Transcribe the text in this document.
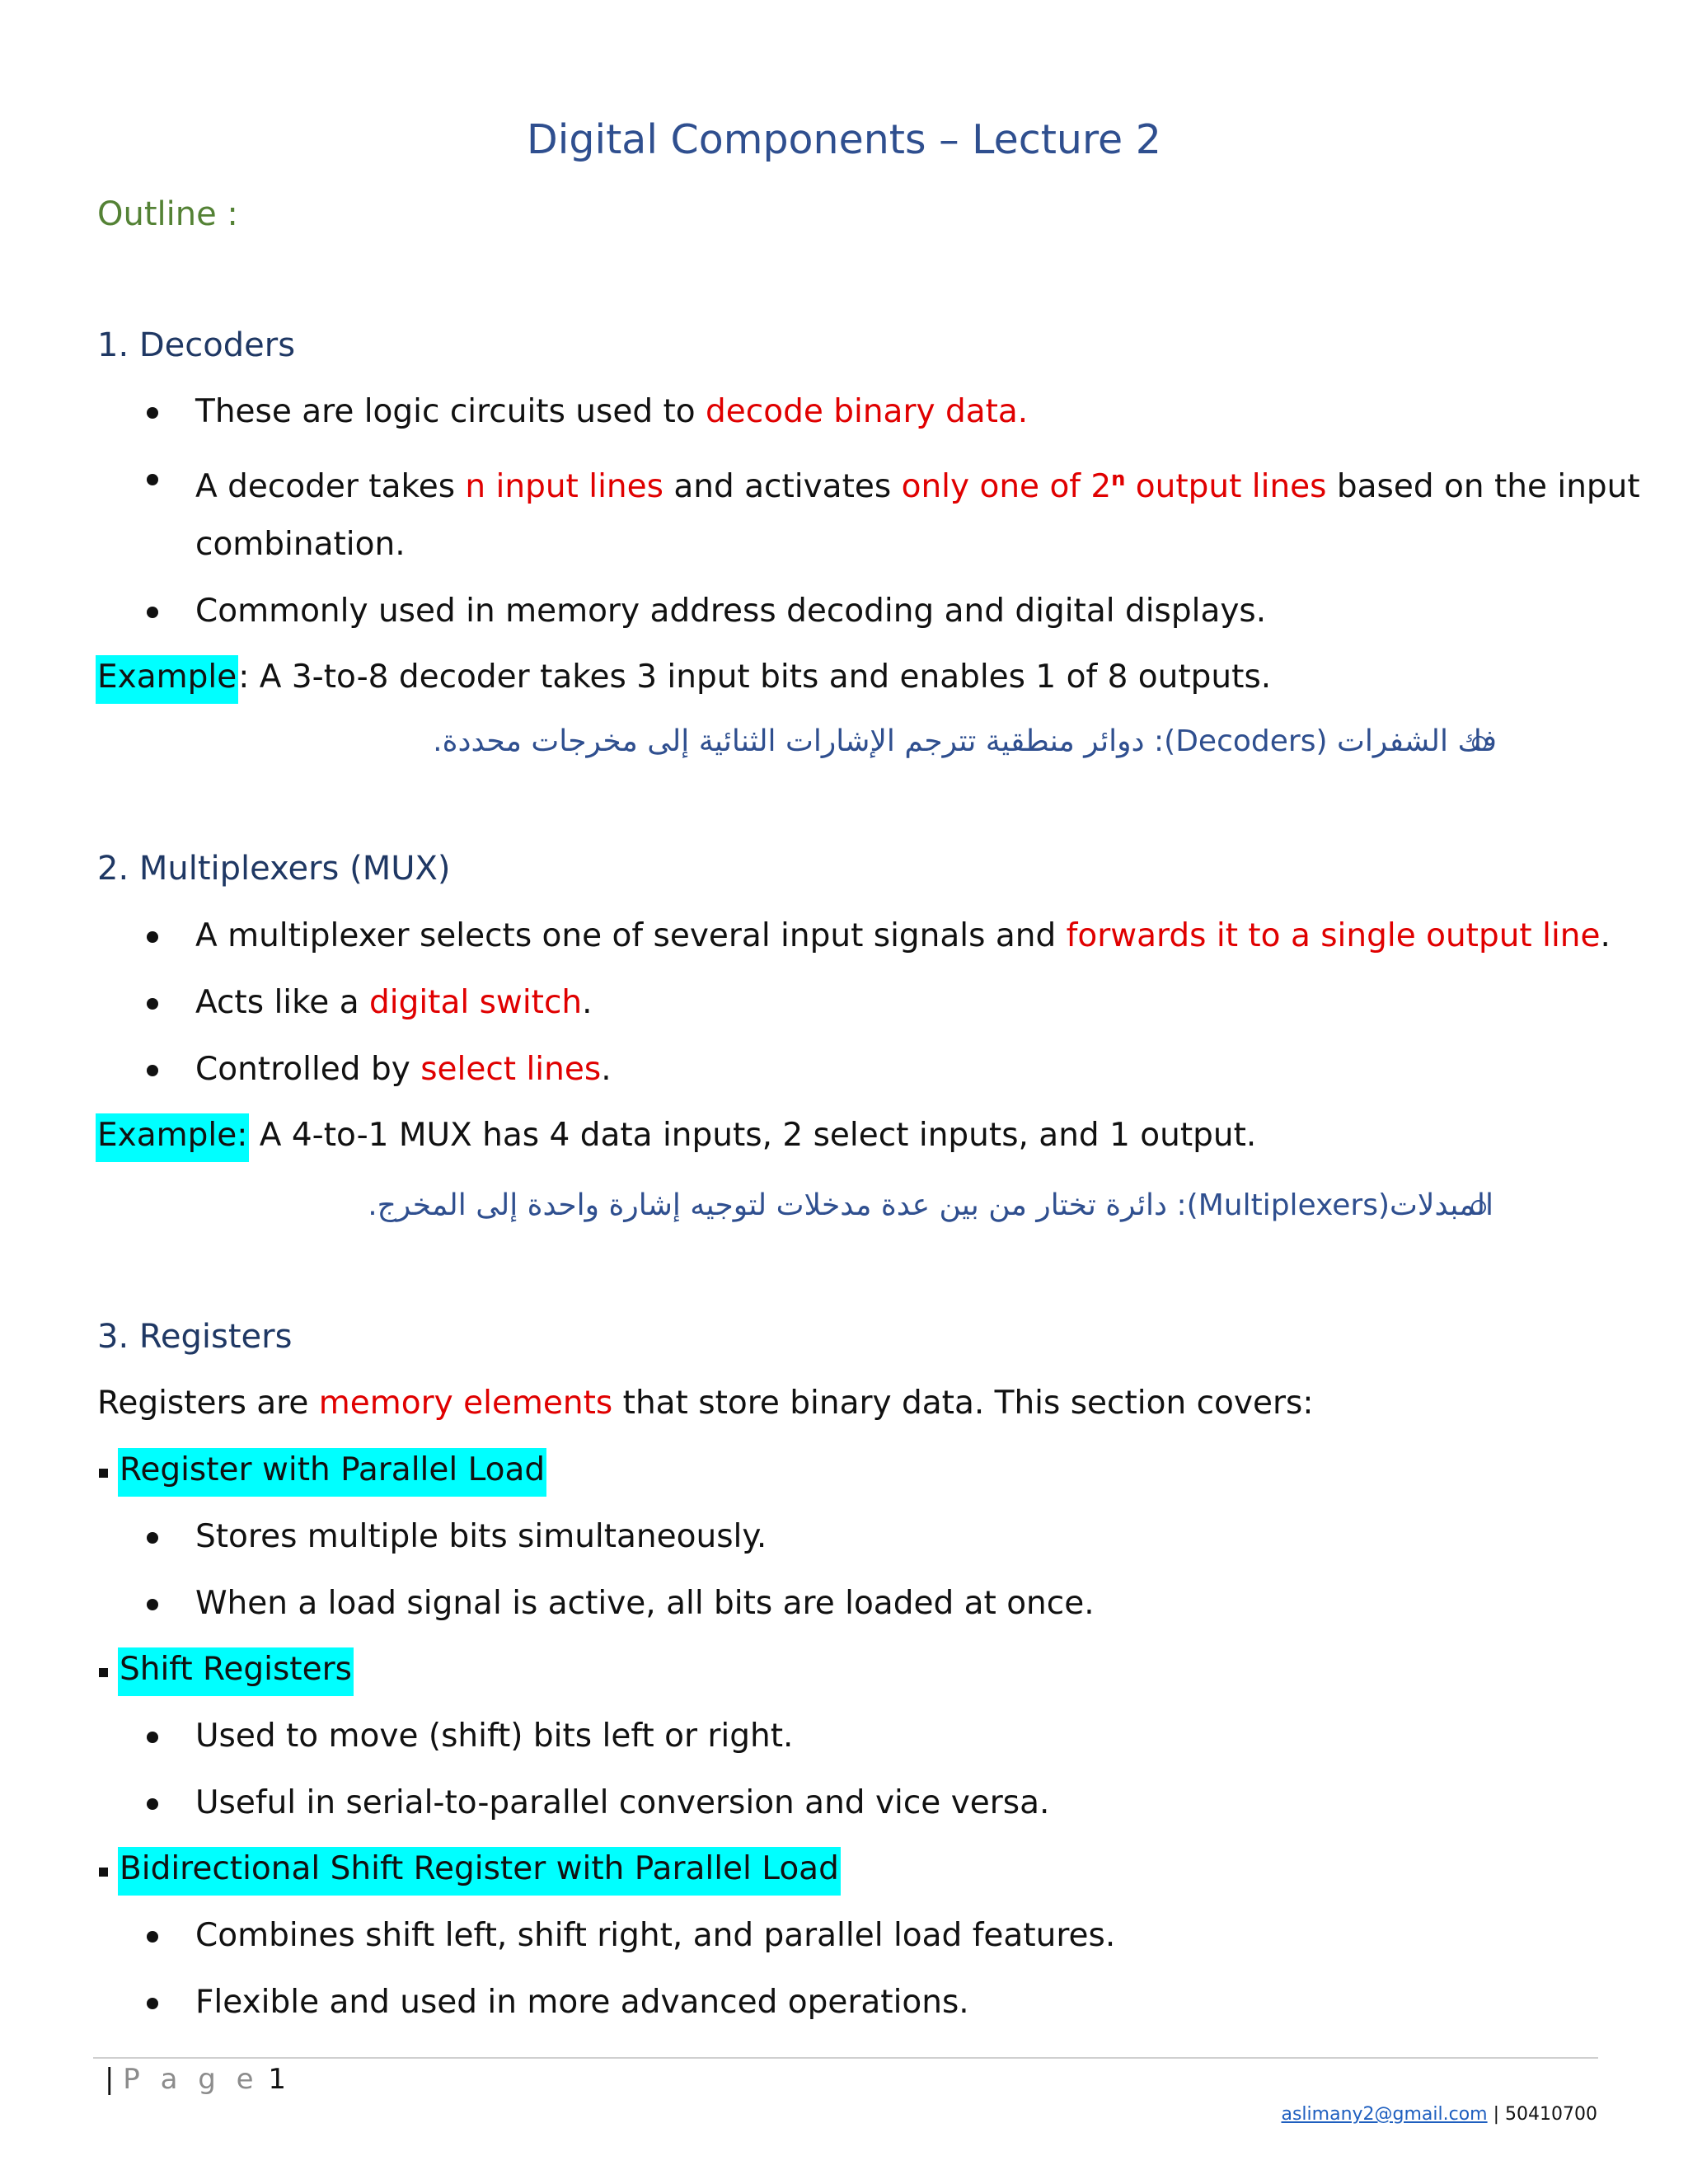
Digital Components – Lecture 2
Outline :
1. Decoders
These are logic circuits used to decode binary data.
A decoder takes n input lines and activates only one of 2$^n$ output lines based on the input
combination.
Commonly used in memory address decoding and digital displays.
Example: A 3-to-8 decoder takes 3 input bits and enables 1 of 8 outputs.
فك الشفرات (Decoders): دوائر منطقية تترجم الإشارات الثنائية إلى مخرجات محددة.
2. Multiplexers (MUX)
A multiplexer selects one of several input signals and forwards it to a single output line.
Acts like a digital switch.
Controlled by select lines.
Example: A 4-to-1 MUX has 4 data inputs, 2 select inputs, and 1 output.
المبدلات(Multiplexers): دائرة تختار من بين عدة مدخلات لتوجيه إشارة واحدة إلى المخرج.
3. Registers
Registers are memory elements that store binary data. This section covers:
Register with Parallel Load
Stores multiple bits simultaneously.
When a load signal is active, all bits are loaded at once.
Shift Registers
Used to move (shift) bits left or right.
Useful in serial-to-parallel conversion and vice versa.
Bidirectional Shift Register with Parallel Load
Combines shift left, shift right, and parallel load features.
Flexible and used in more advanced operations.
| P a g e 1
aslimany2@gmail.com | 50410700
